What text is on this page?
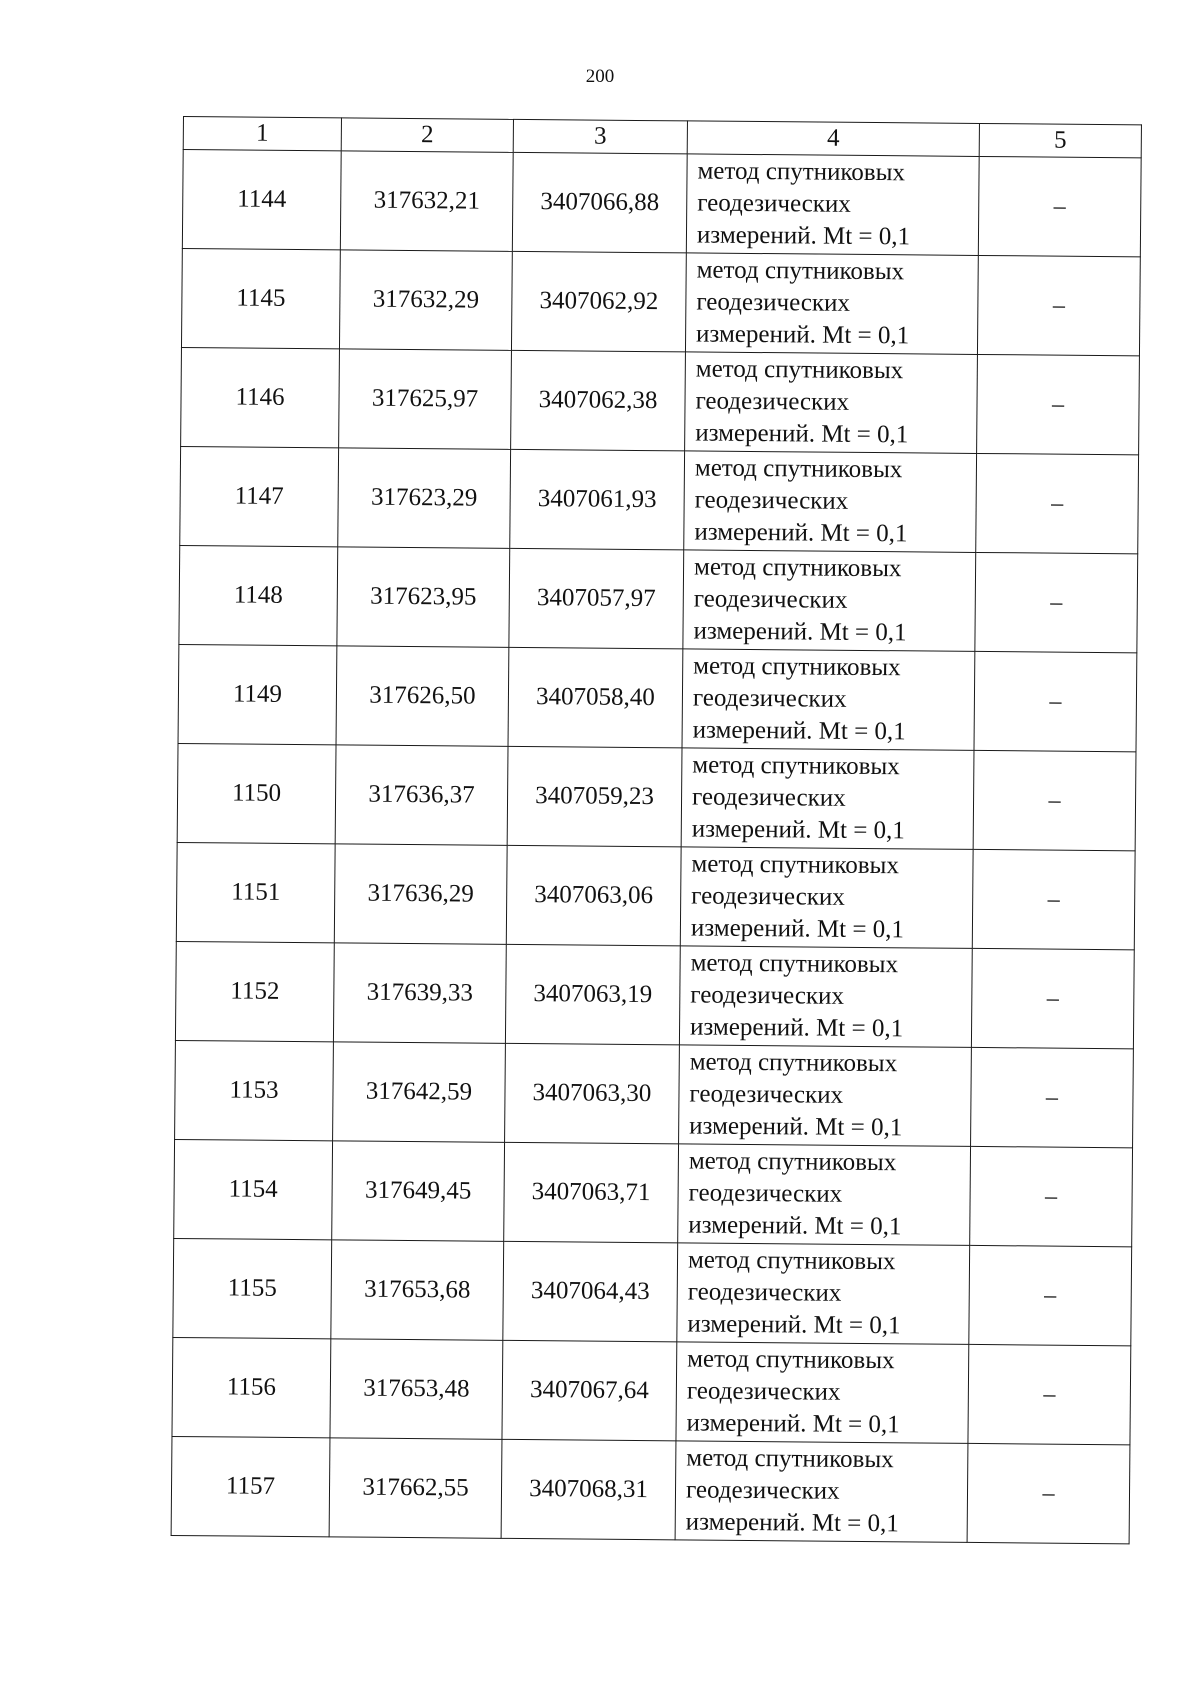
200
1	2	3	4	5
1144	317632,21	3407066,88	метод спутниковых
геодезических
измерений. Mt = 0,1	–
1145	317632,29	3407062,92	метод спутниковых
геодезических
измерений. Mt = 0,1	–
1146	317625,97	3407062,38	метод спутниковых
геодезических
измерений. Mt = 0,1	–
1147	317623,29	3407061,93	метод спутниковых
геодезических
измерений. Mt = 0,1	–
1148	317623,95	3407057,97	метод спутниковых
геодезических
измерений. Mt = 0,1	–
1149	317626,50	3407058,40	метод спутниковых
геодезических
измерений. Mt = 0,1	–
1150	317636,37	3407059,23	метод спутниковых
геодезических
измерений. Mt = 0,1	–
1151	317636,29	3407063,06	метод спутниковых
геодезических
измерений. Mt = 0,1	–
1152	317639,33	3407063,19	метод спутниковых
геодезических
измерений. Mt = 0,1	–
1153	317642,59	3407063,30	метод спутниковых
геодезических
измерений. Mt = 0,1	–
1154	317649,45	3407063,71	метод спутниковых
геодезических
измерений. Mt = 0,1	–
1155	317653,68	3407064,43	метод спутниковых
геодезических
измерений. Mt = 0,1	–
1156	317653,48	3407067,64	метод спутниковых
геодезических
измерений. Mt = 0,1	–
1157	317662,55	3407068,31	метод спутниковых
геодезических
измерений. Mt = 0,1	–
